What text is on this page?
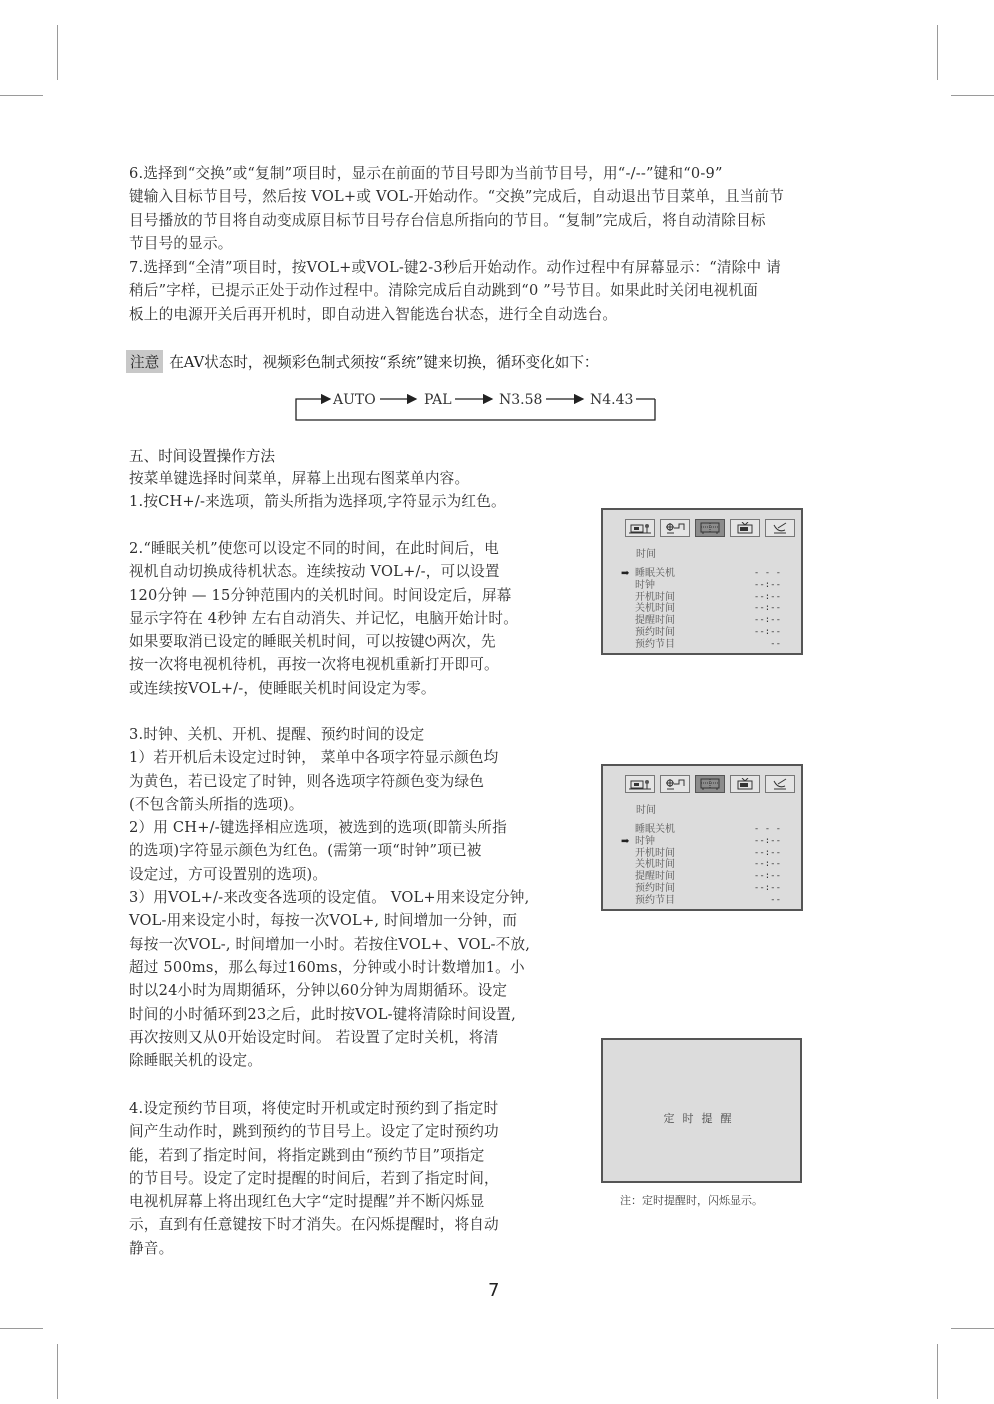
6.选择到“交换”或“复制”项目时，显示在前面的节目号即为当前节目号，用“-/--”键和“0-9”
键输入目标节目号，然后按 VOL+或 VOL-开始动作。“交换”完成后，自动退出节目菜单，且当前节
目号播放的节目将自动变成原目标节目号存台信息所指向的节目。“复制”完成后，将自动清除目标
节目号的显示。
7.选择到“全清”项目时，按VOL+或VOL-键2-3秒后开始动作。动作过程中有屏幕显示：“清除中 请
稍后”字样，已提示正处于动作过程中。清除完成后自动跳到“0 ”号节目。如果此时关闭电视机面
板上的电源开关后再开机时，即自动进入智能选台状态，进行全自动选台。
注意 在AV状态时，视频彩色制式须按“系统”键来切换，循环变化如下：
AUTO	PAL	N3.58	N4.43
五、时间设置操作方法
按菜单键选择时间菜单，屏幕上出现右图菜单内容。
1.按CH+/-来选项，箭头所指为选择项,字符显示为红色。
2.“睡眠关机”使您可以设定不同的时间，在此时间后，电
视机自动切换成待机状态。连续按动 VOL+/-，可以设置
120分钟 — 15分钟范围内的关机时间。时间设定后，屏幕
显示字符在 4秒钟 左右自动消失、并记忆，电脑开始计时。
如果要取消已设定的睡眠关机时间，可以按键⏻两次，先
按一次将电视机待机，再按一次将电视机重新打开即可。
或连续按VOL+/-，使睡眠关机时间设定为零。
3.时钟、关机、开机、提醒、预约时间的设定
1）若开机后未设定过时钟， 菜单中各项字符显示颜色均
为黄色，若已设定了时钟，则各选项字符颜色变为绿色
(不包含箭头所指的选项)。
2）用 CH+/-键选择相应选项，被选到的选项(即箭头所指
的选项)字符显示颜色为红色。(需第一项“时钟”项已被
设定过，方可设置别的选项)。
3）用VOL+/-来改变各选项的设定值。 VOL+用来设定分钟,
VOL-用来设定小时，每按一次VOL+, 时间增加一分钟，而
每按一次VOL-, 时间增加一小时。若按住VOL+、VOL-不放,
超过 500ms，那么每过160ms，分钟或小时计数增加1。小
时以24小时为周期循环，分钟以60分钟为周期循环。设定
时间的小时循环到23之后，此时按VOL-键将清除时间设置,
再次按则又从0开始设定时间。 若设置了定时关机，将清
除睡眠关机的设定。
4.设定预约节目项，将使定时开机或定时预约到了指定时
间产生动作时，跳到预约的节目号上。设定了定时预约功
能，若到了指定时间，将指定跳到由“预约节目”项指定
的节目号。设定了定时提醒的时间后，若到了指定时间，
电视机屏幕上将出现红色大字“定时提醒”并不断闪烁显
示，直到有任意键按下时才消失。在闪烁提醒时，将自动
静音。
时间
➡ 睡眠关机	- - -
时钟	--:--
开机时间	--:--
关机时间	--:--
提醒时间	--:--
预约时间	--:--
预约节目	--
时间
睡眠关机	- - -
➡ 时钟	--:--
开机时间	--:--
关机时间	--:--
提醒时间	--:--
预约时间	--:--
预约节目	--
定时提醒
注：定时提醒时，闪烁显示。
7
